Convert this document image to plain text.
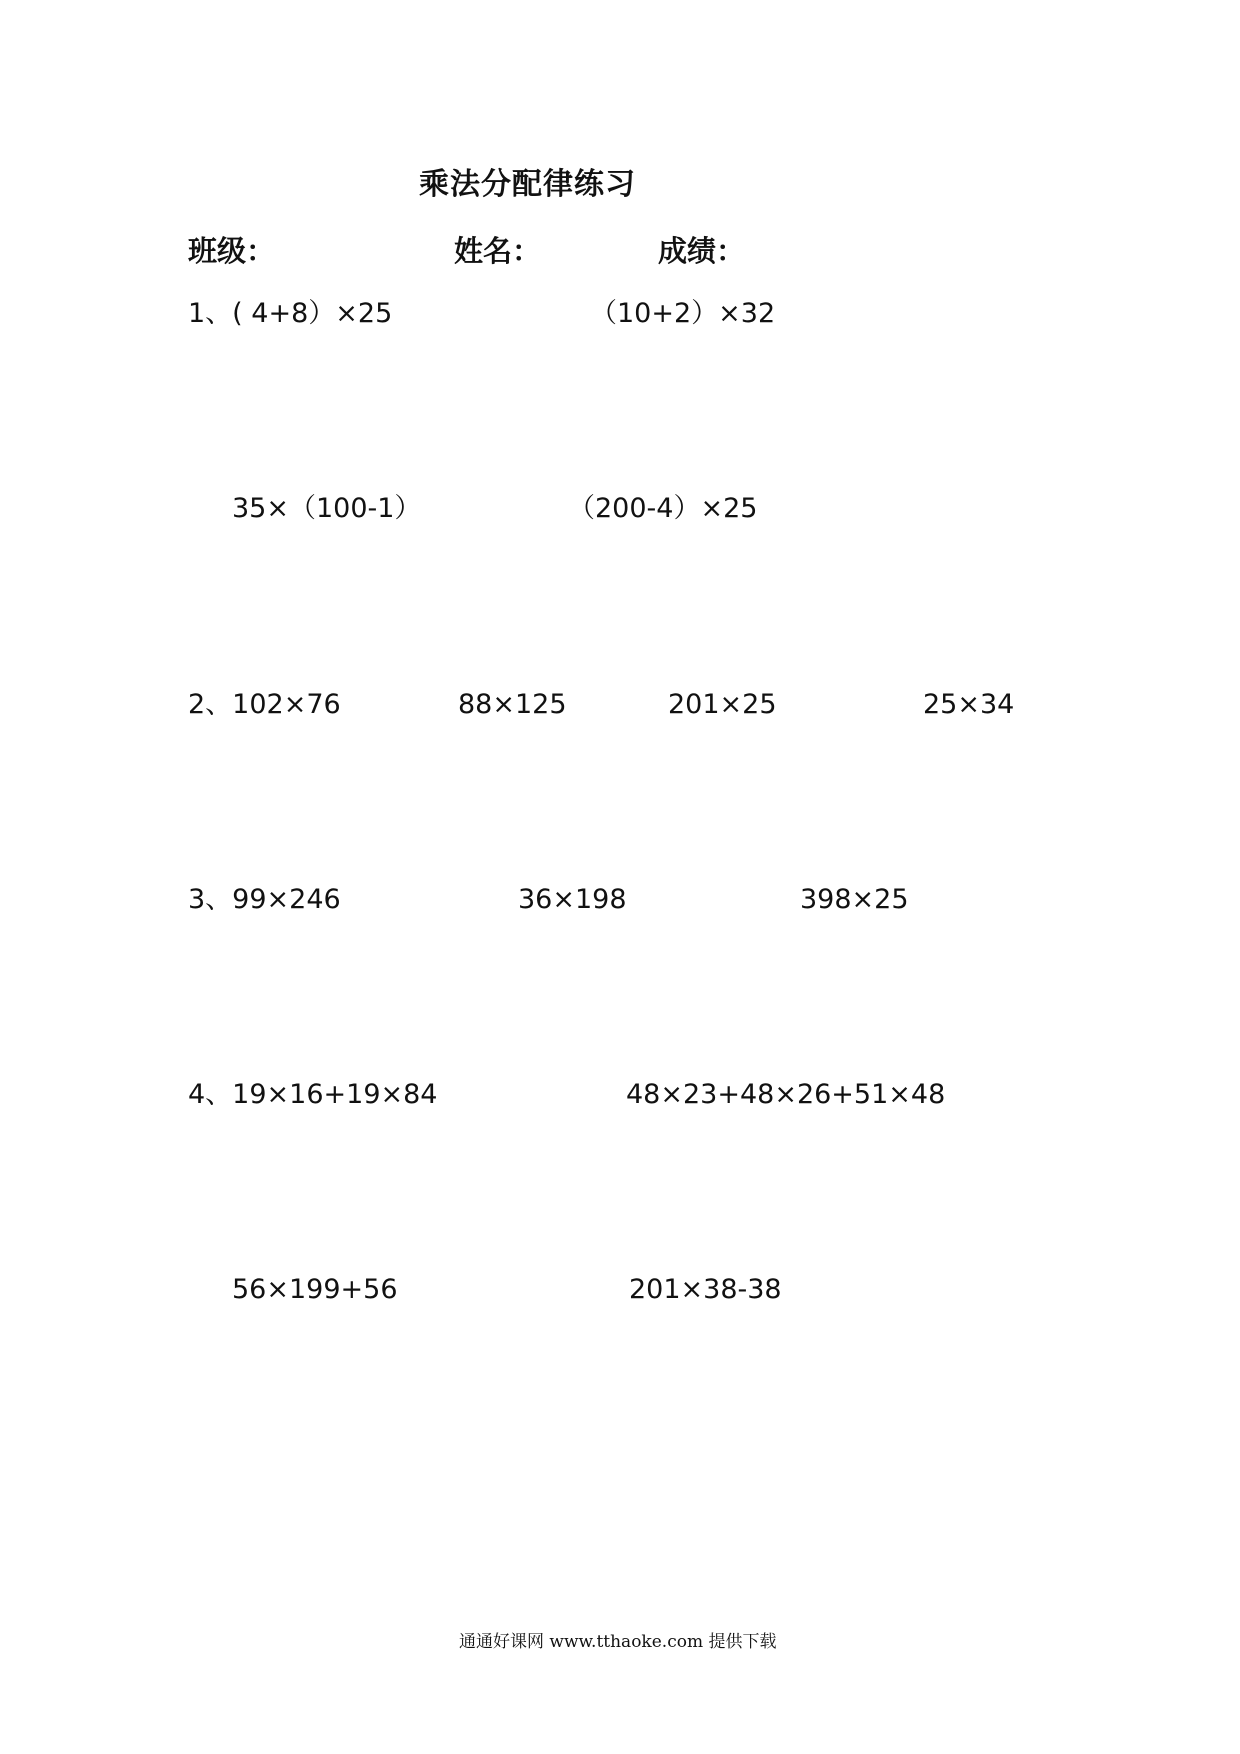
乘法分配律练习
班级：	姓名：	成绩：
1、( 4+8）×25	（10+2）×32
35×（100-1）	（200-4）×25
2、102×76	88×125	201×25	25×34
3、99×246	36×198	398×25
4、19×16+19×84	48×23+48×26+51×48
56×199+56	201×38-38
通通好课网 www.tthaoke.com 提供下载
